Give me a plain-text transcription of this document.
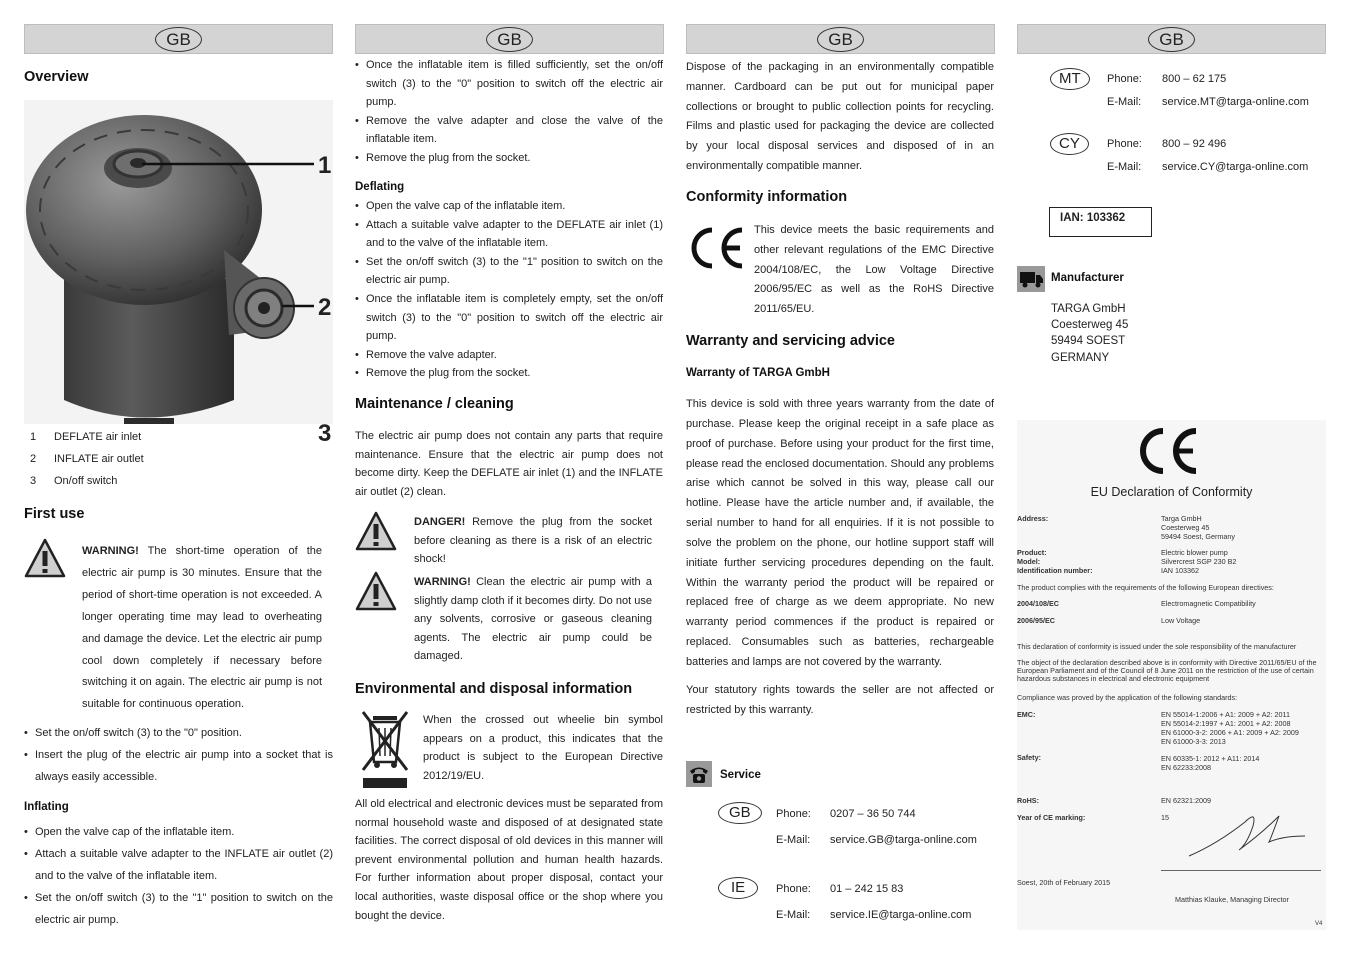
GB
Overview
1
2
3
1 DEFLATE air inlet
2 INFLATE air outlet
3 On/off switch
First use
WARNING! The short-time operation of the electric air pump is 30 minutes. Ensure that the period of short-time operation is not exceeded. A longer operating time may lead to overheating and damage the device. Let the electric air pump cool down completely if necessary before switching it on again. The electric air pump is not suitable for continuous operation.
• Set the on/off switch (3) to the "0" position.
• Insert the plug of the electric air pump into a socket that is always easily accessible.
Inflating
• Open the valve cap of the inflatable item.
• Attach a suitable valve adapter to the INFLATE air outlet (2) and to the valve of the inflatable item.
• Set the on/off switch (3) to the "1" position to switch on the electric air pump.
GB
• Once the inflatable item is filled sufficiently, set the on/off switch (3) to the "0" position to switch off the electric air pump.
• Remove the valve adapter and close the valve of the inflatable item.
• Remove the plug from the socket.
Deflating
• Open the valve cap of the inflatable item.
• Attach a suitable valve adapter to the DEFLATE air inlet (1) and to the valve of the inflatable item.
• Set the on/off switch (3) to the "1" position to switch on the electric air pump.
• Once the inflatable item is completely empty, set the on/off switch (3) to the "0" position to switch off the electric air pump.
• Remove the valve adapter.
• Remove the plug from the socket.
Maintenance / cleaning

The electric air pump does not contain any parts that require maintenance. Ensure that the electric air pump does not become dirty. Keep the DEFLATE air inlet (1) and the INFLATE air outlet (2) clean.

DANGER! Remove the plug from the socket before cleaning as there is a risk of an electric shock!
WARNING! Clean the electric air pump with a slightly damp cloth if it becomes dirty. Do not use any solvents, corrosive or gaseous cleaning agents. The electric air pump could be damaged.
Environmental and disposal information

When the crossed out wheelie bin symbol appears on a product, this indicates that the product is subject to the European Directive 2012/19/EU.

All old electrical and electronic devices must be separated from normal household waste and disposed of at designated state facilities. The correct disposal of old devices in this manner will prevent environmental pollution and human health hazards. For further information about proper disposal, contact your local authorities, waste disposal office or the shop where you bought the device.

GB

Dispose of the packaging in an environmentally compatible manner. Cardboard can be put out for municipal paper collections or brought to public collection points for recycling. Films and plastic used for packaging the device are collected by your local disposal services and disposed of in an environmentally compatible manner.

Conformity information

This device meets the basic requirements and other relevant regulations of the EMC Directive 2004/108/EC, the Low Voltage Directive 2006/95/EC as well as the RoHS Directive 2011/65/EU.

Warranty and servicing advice
Warranty of TARGA GmbH

This device is sold with three years warranty from the date of purchase. Please keep the original receipt in a safe place as proof of purchase. Before using your product for the first time, please read the enclosed documentation. Should any problems arise which cannot be solved in this way, please call our hotline. Please have the article number and, if available, the serial number to hand for all enquiries. If it is not possible to solve the problem on the phone, our hotline support staff will initiate further servicing procedures depending on the fault. Within the warranty period the product will be repaired or replaced free of charge as we deem appropriate. No new warranty period commences if the product is repaired or replaced. Consumables such as batteries, rechargeable batteries and lamps are not covered by the warranty.

Your statutory rights towards the seller are not affected or restricted by this warranty.

Service
GB	Phone: 0207 – 36 50 744
E-Mail: service.GB@targa-online.com
IE	Phone: 01 – 242 15 83
E-Mail: service.IE@targa-online.com
GB
MT	Phone: 800 – 62 175
E-Mail: service.MT@targa-online.com
CY	Phone: 800 – 92 496
E-Mail: service.CY@targa-online.com
IAN: 103362
Manufacturer
TARGA GmbH
Coesterweg 45
59494 SOEST
GERMANY
EU Declaration of Conformity
Address:	Targa GmbH
Coesterweg 45
59494 Soest, Germany
Product:	Electric blower pump
Model:	Silvercrest SGP 230 B2
Identification number:	IAN 103362
The product complies with the requirements of the following European directives:
2004/108/EC	Electromagnetic Compatibility
2006/95/EC	Low Voltage
This declaration of conformity is issued under the sole responsibility of the manufacturer
The object of the declaration described above is in conformity with Directive 2011/65/EU of the European Parliament and of the Council of 8 June 2011 on the restriction of the use of certain hazardous substances in electrical and electronic equipment
Compliance was proved by the application of the following standards:
EMC:	EN 55014-1:2006 + A1: 2009 + A2: 2011
EN 55014-2:1997 + A1: 2001 + A2: 2008
EN 61000-3-2: 2006 + A1: 2009 + A2: 2009
EN 61000-3-3: 2013
Safety:	EN 60335-1: 2012 + A11: 2014
EN 62233:2008
RoHS:	EN 62321:2009
Year of CE marking:	15
Soest, 20th of February 2015
Matthias Klauke, Managing Director
V4
